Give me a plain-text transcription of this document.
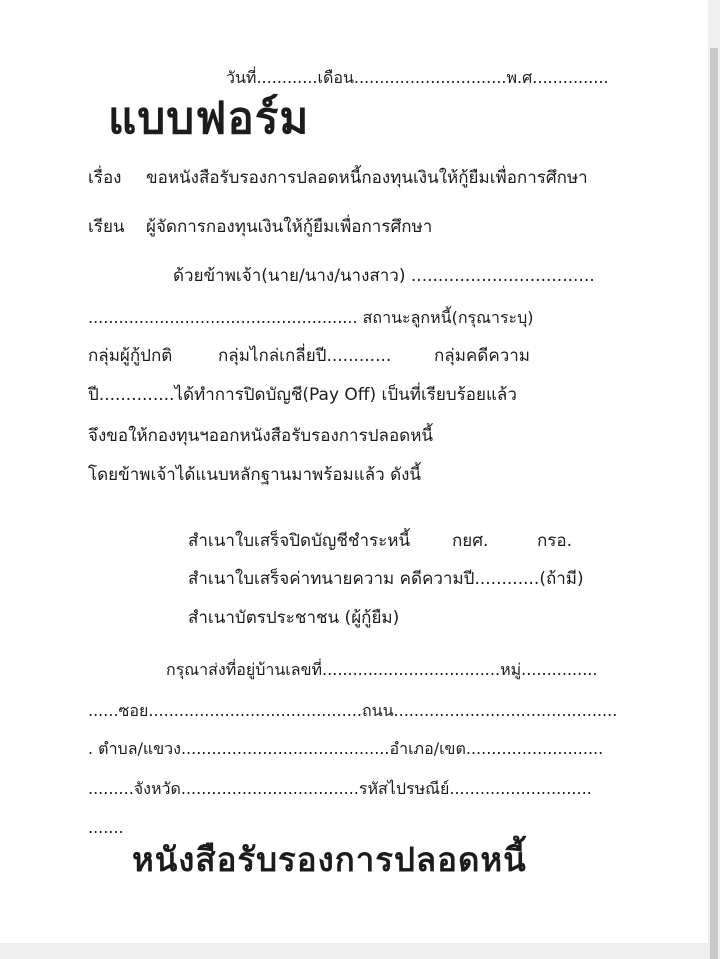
วันที่............เดือน..............................พ.ศ...............
แบบฟอร์ม
เรื่อง ขอหนังสือรับรองการปลอดหนี้กองทุนเงินให้กู้ยืมเพื่อการศึกษา
เรียน ผู้จัดการกองทุนเงินให้กู้ยืมเพื่อการศึกษา
ด้วยข้าพเจ้า(นาย/นาง/นางสาว) ..................................
..................................................... สถานะลูกหนี้(กรุณาระบุ)
กลุ่มผู้กู้ปกติ	กลุ่มไกล่เกลี่ยปี............	กลุ่มคดีความ
ปี..............ได้ทำการปิดบัญชี(Pay Off) เป็นที่เรียบร้อยแล้ว
จึงขอให้กองทุนฯออกหนังสือรับรองการปลอดหนี้
โดยข้าพเจ้าได้แนบหลักฐานมาพร้อมแล้ว ดังนี้
สำเนาใบเสร็จปิดบัญชีชำระหนี้ กยศ.	กรอ.
สำเนาใบเสร็จค่าทนายความ คดีความปี............(ถ้ามี)
สำเนาบัตรประชาชน (ผู้กู้ยืม)
กรุณาส่งที่อยู่บ้านเลขที่...................................หมู่...............
......ซอย..........................................ถนน............................................
. ตำบล/แขวง.........................................อำเภอ/เขต...........................
.........จังหวัด...................................รหัสไปรษณีย์............................
.......
หนังสือรับรองการปลอดหนี้
